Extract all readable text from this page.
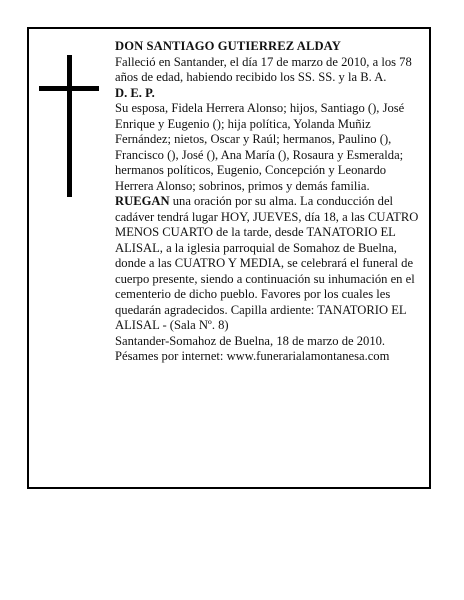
DON SANTIAGO GUTIERREZ ALDAY

Falleció en Santander, el día 17 de marzo de 2010, a los 78 años de edad, habiendo recibido los SS. SS. y la B. A.

D. E. P.

Su esposa, Fidela Herrera Alonso; hijos, Santiago (), José Enrique y Eugenio (); hija política, Yolanda Muñiz Fernández; nietos, Oscar y Raúl; hermanos, Paulino (), Francisco (), José (), Ana María (), Rosaura y Esmeralda; hermanos políticos, Eugenio, Concepción y Leonardo Herrera Alonso; sobrinos, primos y demás familia.

RUEGAN una oración por su alma. La conducción del cadáver tendrá lugar HOY, JUEVES, día 18, a las CUATRO MENOS CUARTO de la tarde, desde TANATORIO EL ALISAL, a la iglesia parroquial de Somahoz de Buelna, donde a las CUATRO Y MEDIA, se celebrará el funeral de cuerpo presente, siendo a continuación su inhumación en el cementerio de dicho pueblo. Favores por los cuales les quedarán agradecidos. Capilla ardiente: TANATORIO EL ALISAL - (Sala Nº. 8)

Santander-Somahoz de Buelna, 18 de marzo de 2010.

Pésames por internet: www.funerarialamontanesa.com
